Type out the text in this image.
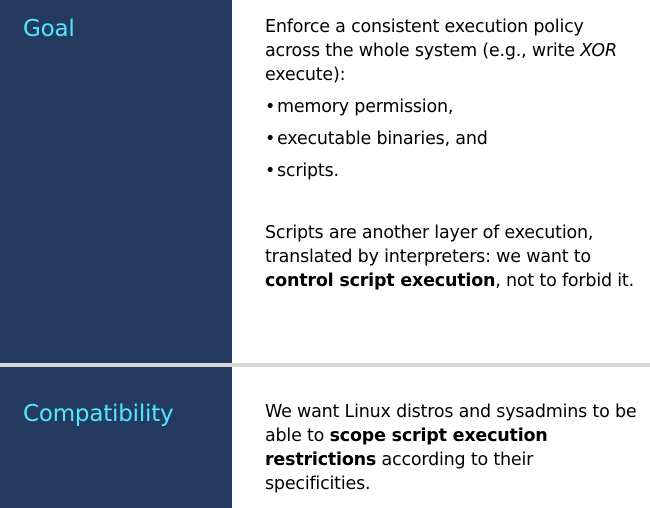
Goal	Enforce a consistent execution policy across the whole system (e.g., write XOR execute):

• memory permission,
• executable binaries, and
• scripts.

Scripts are another layer of execution, translated by interpreters: we want to control script execution, not to forbid it.

Compatibility	We want Linux distros and sysadmins to be able to scope script execution restrictions according to their specificities.
